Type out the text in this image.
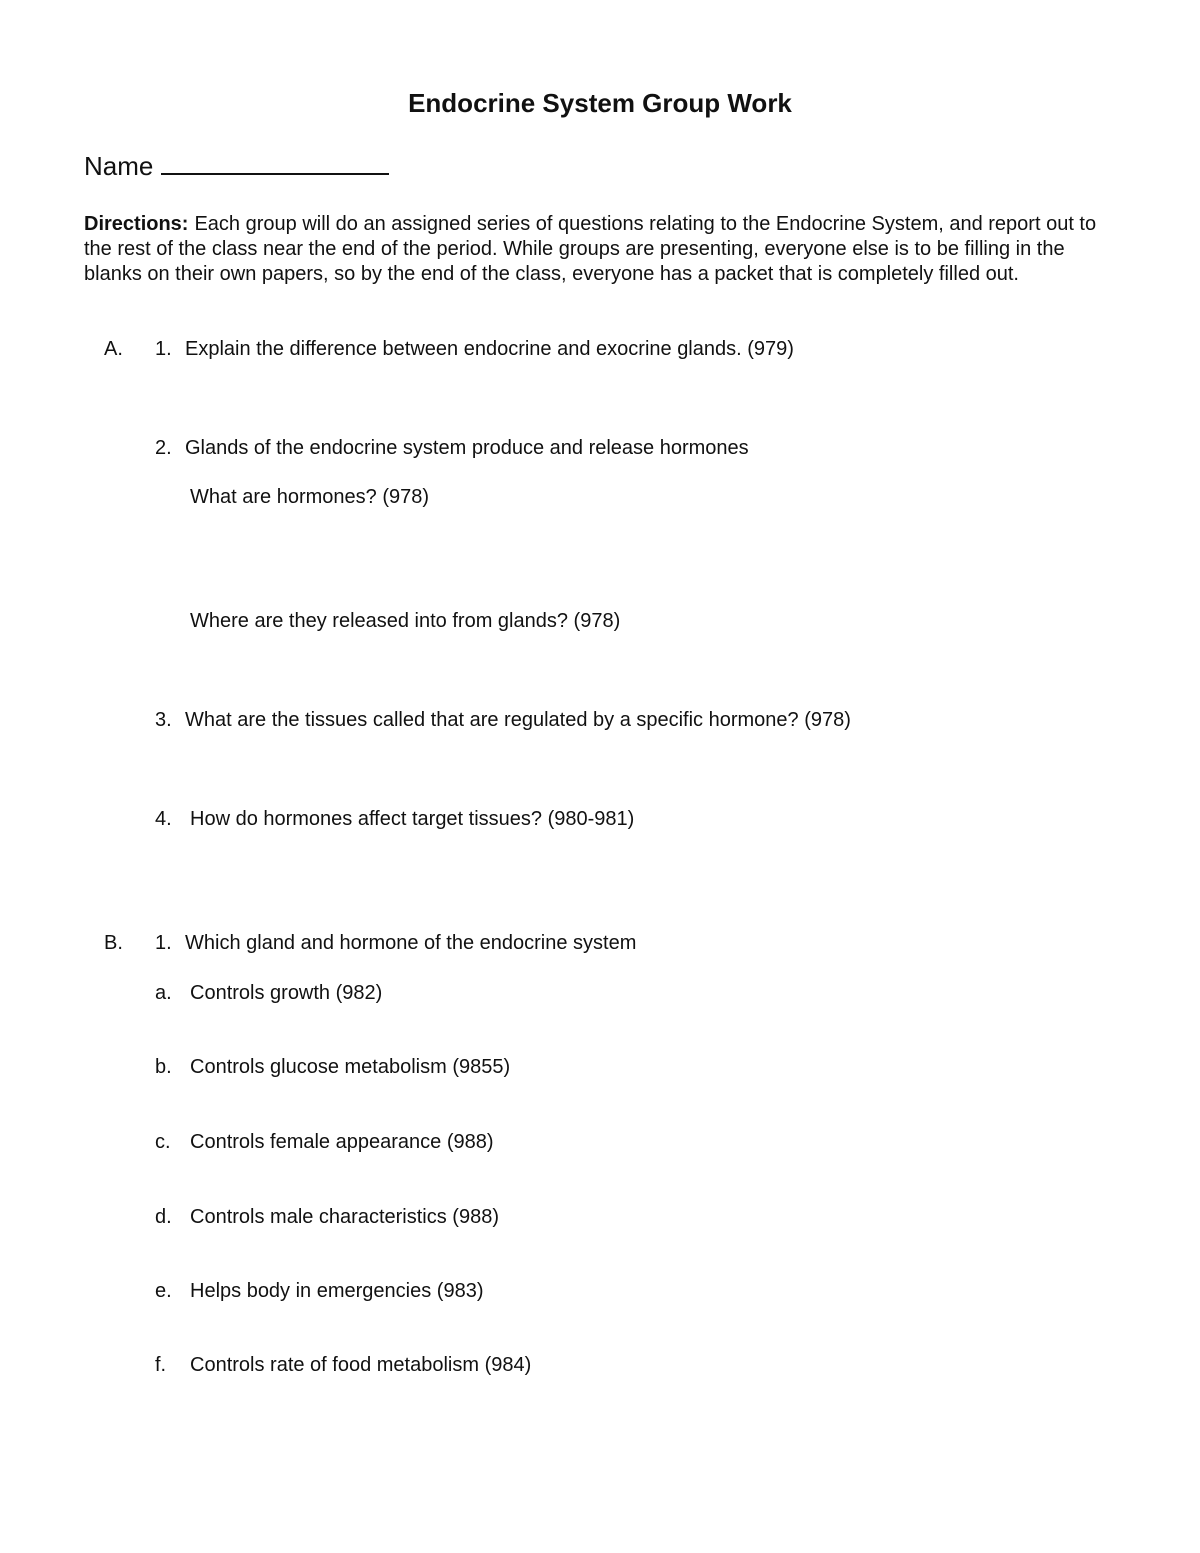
Endocrine System Group Work
Name
Directions: Each group will do an assigned series of questions relating to the Endocrine System, and report out to the rest of the class near the end of the period. While groups are presenting, everyone else is to be filling in the blanks on their own papers, so by the end of the class, everyone has a packet that is completely filled out.
A. 1. Explain the difference between endocrine and exocrine glands. (979)
2. Glands of the endocrine system produce and release hormones
What are hormones? (978)
Where are they released into from glands? (978)
3. What are the tissues called that are regulated by a specific hormone? (978)
4. How do hormones affect target tissues? (980-981)
B. 1. Which gland and hormone of the endocrine system
a. Controls growth (982)
b. Controls glucose metabolism (9855)
c. Controls female appearance (988)
d. Controls male characteristics (988)
e. Helps body in emergencies (983)
f. Controls rate of food metabolism (984)
